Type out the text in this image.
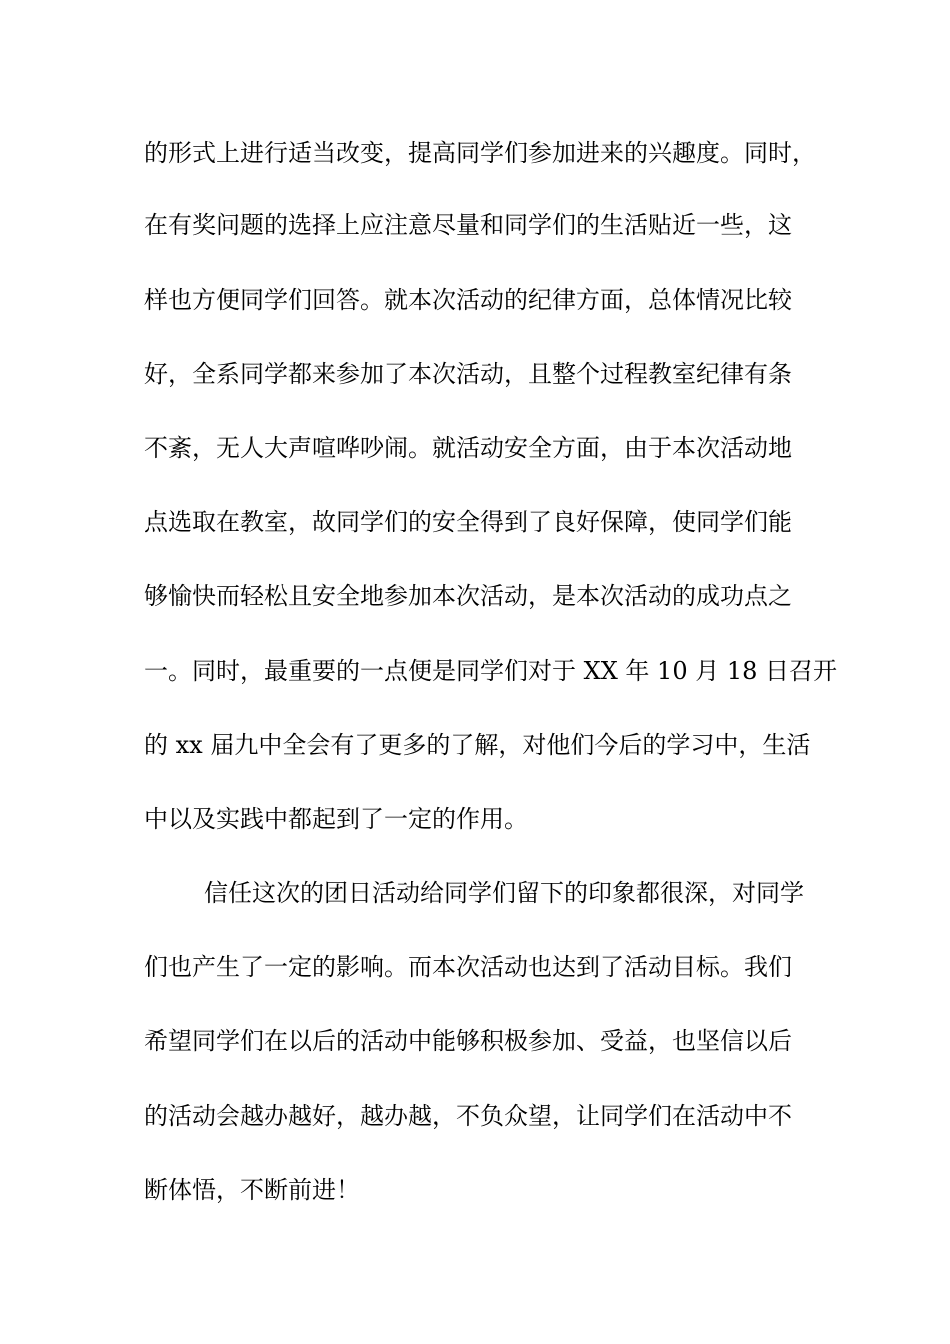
的形式上进行适当改变，提高同学们参加进来的兴趣度。同时，
在有奖问题的选择上应注意尽量和同学们的生活贴近一些，这
样也方便同学们回答。就本次活动的纪律方面，总体情况比较
好，全系同学都来参加了本次活动，且整个过程教室纪律有条
不紊，无人大声喧哗吵闹。就活动安全方面，由于本次活动地
点选取在教室，故同学们的安全得到了良好保障，使同学们能
够愉快而轻松且安全地参加本次活动，是本次活动的成功点之
一。同时，最重要的一点便是同学们对于 XX 年 10 月 18 日召开
的 xx 届九中全会有了更多的了解，对他们今后的学习中，生活
中以及实践中都起到了一定的作用。
信任这次的团日活动给同学们留下的印象都很深，对同学
们也产生了一定的影响。而本次活动也达到了活动目标。我们
希望同学们在以后的活动中能够积极参加、受益，也坚信以后
的活动会越办越好，越办越，不负众望，让同学们在活动中不
断体悟，不断前进！
